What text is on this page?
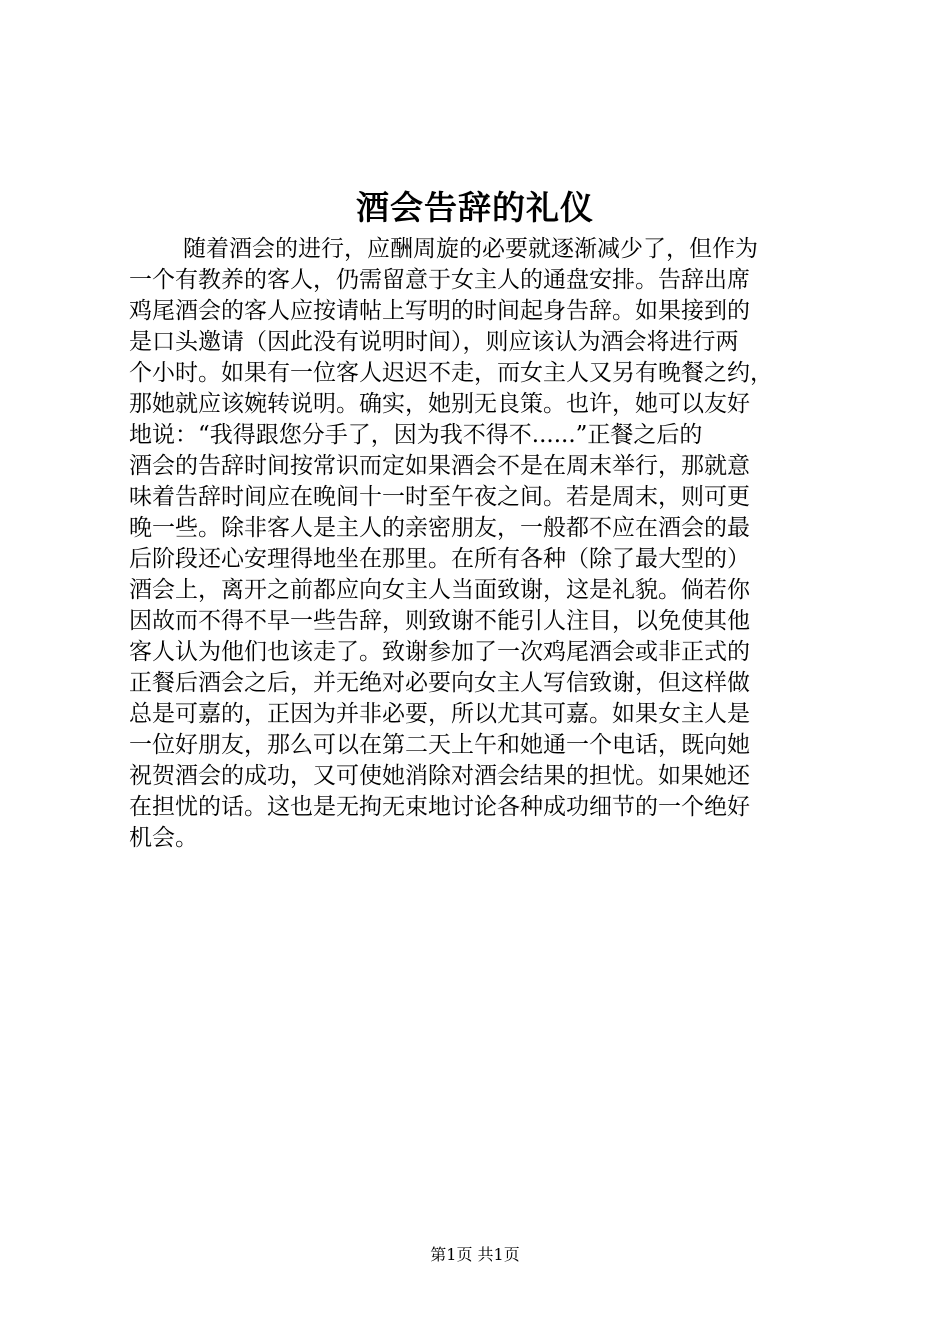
酒会告辞的礼仪
随着酒会的进行，应酬周旋的必要就逐渐减少了，但作为
一个有教养的客人，仍需留意于女主人的通盘安排。告辞出席
鸡尾酒会的客人应按请帖上写明的时间起身告辞。如果接到的
是口头邀请（因此没有说明时间），则应该认为酒会将进行两
个小时。如果有一位客人迟迟不走，而女主人又另有晚餐之约，
那她就应该婉转说明。确实，她别无良策。也许，她可以友好
地说：“我得跟您分手了，因为我不得不......”正餐之后的
酒会的告辞时间按常识而定如果酒会不是在周末举行，那就意
味着告辞时间应在晚间十一时至午夜之间。若是周末，则可更
晚一些。除非客人是主人的亲密朋友，一般都不应在酒会的最
后阶段还心安理得地坐在那里。在所有各种（除了最大型的）
酒会上，离开之前都应向女主人当面致谢，这是礼貌。倘若你
因故而不得不早一些告辞，则致谢不能引人注目，以免使其他
客人认为他们也该走了。致谢参加了一次鸡尾酒会或非正式的
正餐后酒会之后，并无绝对必要向女主人写信致谢，但这样做
总是可嘉的，正因为并非必要，所以尤其可嘉。如果女主人是
一位好朋友，那么可以在第二天上午和她通一个电话，既向她
祝贺酒会的成功，又可使她消除对酒会结果的担忧。如果她还
在担忧的话。这也是无拘无束地讨论各种成功细节的一个绝好
机会。
第1页 共1页
